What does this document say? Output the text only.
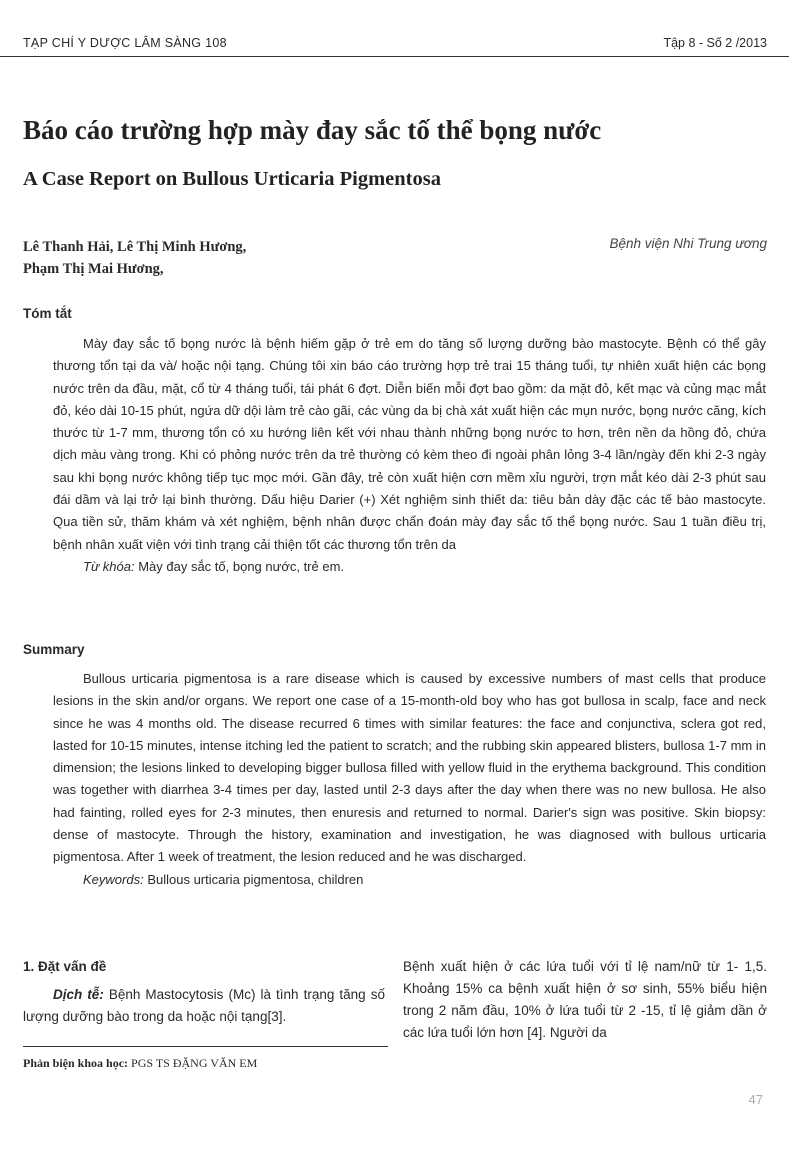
TẠP CHÍ Y DƯỢC LÂM SÀNG 108	Tập 8 - Số 2 /2013
Báo cáo trường hợp mày đay sắc tố thể bọng nước
A Case Report on Bullous Urticaria Pigmentosa
Lê Thanh Hải, Lê Thị Minh Hương,
Phạm Thị Mai Hương,
Bệnh viện Nhi Trung ương
Tóm tắt

Mày đay sắc tố bọng nước là bệnh hiếm gặp ở trẻ em do tăng số lượng dưỡng bào mastocyte. Bệnh có thể gây thương tổn tại da và/ hoặc nội tạng. Chúng tôi xin báo cáo trường hợp trẻ trai 15 tháng tuổi, tự nhiên xuất hiện các bọng nước trên da đầu, mặt, cổ từ 4 tháng tuổi, tái phát 6 đợt. Diễn biến mỗi đợt bao gồm: da mặt đỏ, kết mạc và củng mạc mắt đỏ, kéo dài 10-15 phút, ngứa dữ dội làm trẻ cào gãi, các vùng da bị chà xát xuất hiện các mụn nước, bọng nước căng, kích thước từ 1-7 mm, thương tổn có xu hướng liên kết với nhau thành những bọng nước to hơn, trên nền da hồng đỏ, chứa dịch màu vàng trong. Khi có phỏng nước trên da trẻ thường có kèm theo đi ngoài phân lỏng 3-4 lần/ngày đến khi 2-3 ngày sau khi bọng nước không tiếp tục mọc mới. Gần đây, trẻ còn xuất hiện cơn mềm xỉu người, trợn mắt kéo dài 2-3 phút sau đái dầm và lại trở lại bình thường. Dấu hiệu Darier (+) Xét nghiệm sinh thiết da: tiêu bản dày đặc các tế bào mastocyte. Qua tiền sử, thăm khám và xét nghiệm, bệnh nhân được chẩn đoán mày đay sắc tố thể bọng nước. Sau 1 tuần điều trị, bệnh nhân xuất viện với tình trạng cải thiện tốt các thương tổn trên da

Từ khóa: Mày đay sắc tố, bọng nước, trẻ em.

Summary

Bullous urticaria pigmentosa is a rare disease which is caused by excessive numbers of mast cells that produce lesions in the skin and/or organs. We report one case of a 15-month-old boy who has got bullosa in scalp, face and neck since he was 4 months old. The disease recurred 6 times with similar features: the face and conjunctiva, sclera got red, lasted for 10-15 minutes, intense itching led the patient to scratch; and the rubbing skin appeared blisters, bullosa 1-7 mm in dimension; the lesions linked to developing bigger bullosa filled with yellow fluid in the erythema background. This condition was together with diarrhea 3-4 times per day, lasted until 2-3 days after the day when there was no new bullosa. He also had fainting, rolled eyes for 2-3 minutes, then enuresis and returned to normal. Darier's sign was positive. Skin biopsy: dense of mastocyte. Through the history, examination and investigation, he was diagnosed with bullous urticaria pigmentosa. After 1 week of treatment, the lesion reduced and he was discharged.

Keywords: Bullous urticaria pigmentosa, children

1. Đặt vấn đề

Dịch tễ: Bệnh Mastocytosis (Mc) là tình trạng tăng số lượng dưỡng bào trong da hoặc nội tạng[3].

Bệnh xuất hiện ở các lứa tuổi với tỉ lệ nam/nữ từ 1- 1,5. Khoảng 15% ca bệnh xuất hiện ở sơ sinh, 55% biểu hiện trong 2 năm đầu, 10% ở lứa tuổi từ 2 -15, tỉ lệ giảm dần ở các lứa tuổi lớn hơn [4]. Người da
Phản biện khoa học: PGS TS ĐẶNG VĂN EM
47
